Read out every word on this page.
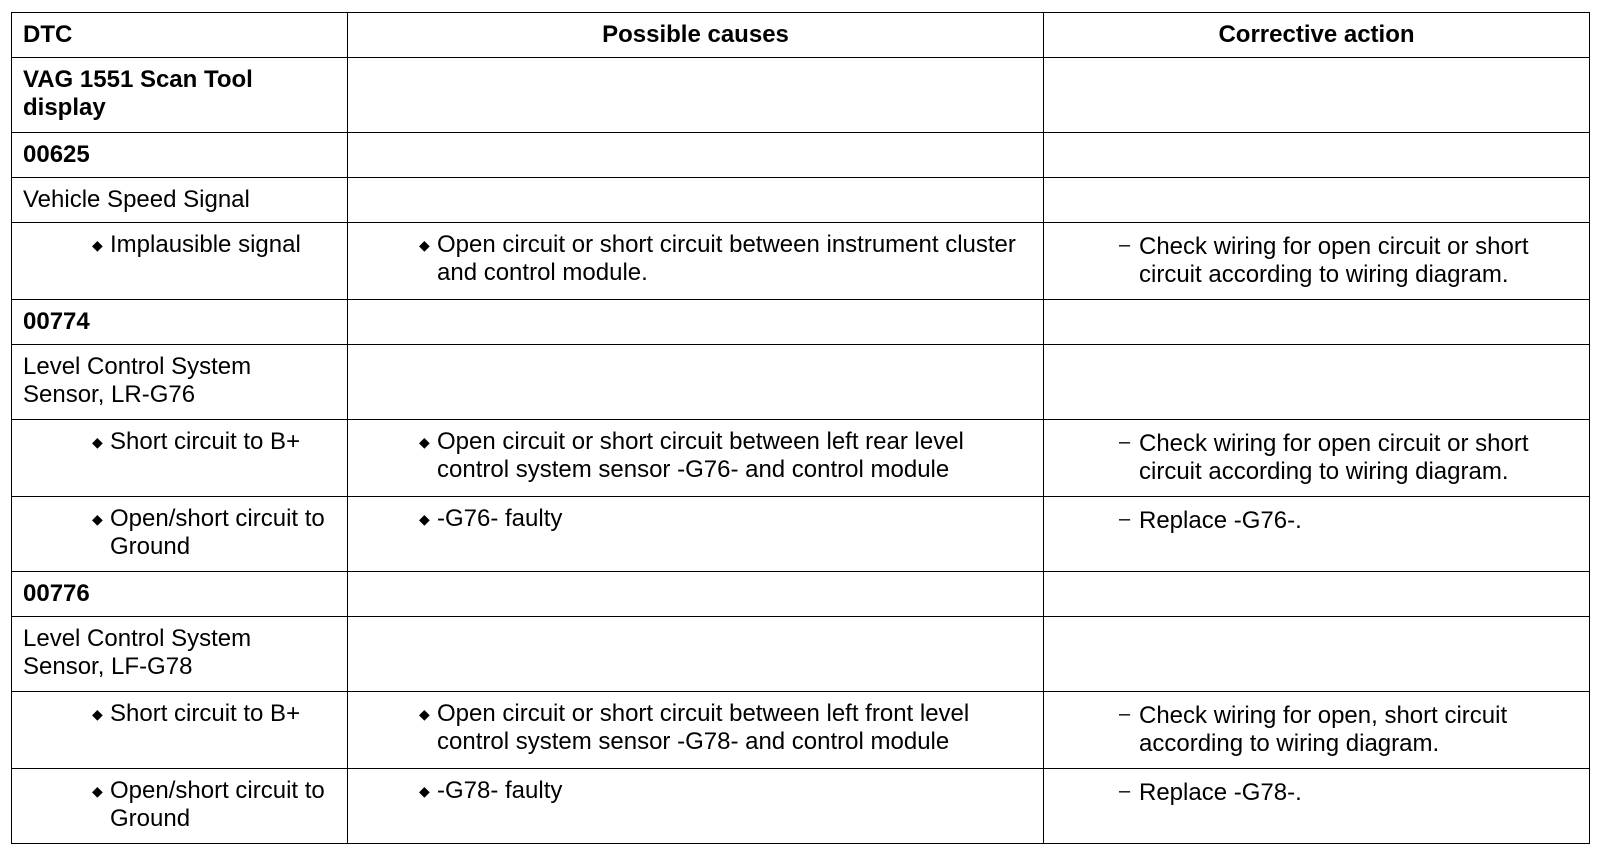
DTC	Possible causes	Corrective action

VAG 1551 Scan Tool display		

00625		

Vehicle Speed Signal		

◆ Implausible signal	◆ Open circuit or short circuit between instrument cluster and control module.	– Check wiring for open circuit or short circuit according to wiring diagram.

00774		

Level Control System Sensor, LR-G76		

◆ Short circuit to B+	◆ Open circuit or short circuit between left rear level control system sensor -G76- and control module	– Check wiring for open circuit or short circuit according to wiring diagram.

◆ Open/short circuit to Ground	◆ -G76- faulty	– Replace -G76-.

00776		

Level Control System Sensor, LF-G78		

◆ Short circuit to B+	◆ Open circuit or short circuit between left front level control system sensor -G78- and control module	– Check wiring for open, short circuit according to wiring diagram.

◆ Open/short circuit to Ground	◆ -G78- faulty	– Replace -G78-.
